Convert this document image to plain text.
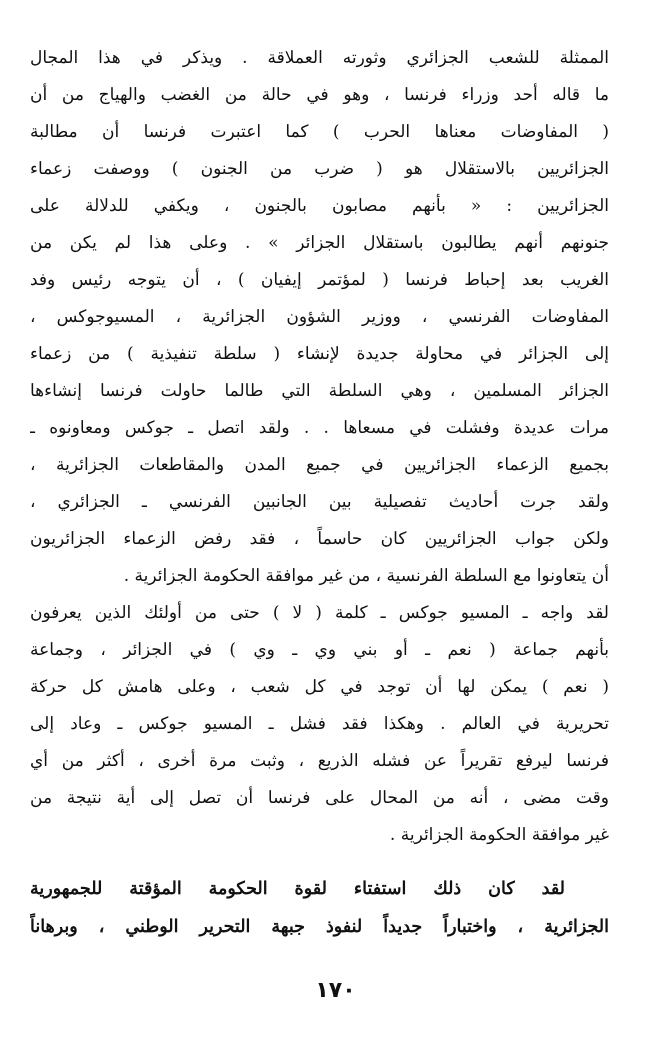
الممثلة للشعب الجزائري وثورته العملاقة . ويذكر في هذا المجال
ما قاله أحد وزراء فرنسا ، وهو في حالة من الغضب والهياج من أن
( المفاوضات معناها الحرب ) كما اعتبرت فرنسا أن مطالبة
الجزائريين بالاستقلال هو ( ضرب من الجنون ) ووصفت زعماء
الجزائريين : « بأنهم مصابون بالجنون ، ويكفي للدلالة على
جنونهم أنهم يطالبون باستقلال الجزائر » . وعلى هذا لم يكن من
الغريب بعد إحباط فرنسا ( لمؤتمر إيفيان ) ، أن يتوجه رئيس وفد
المفاوضات الفرنسي ، ووزير الشؤون الجزائرية ، المسيوجوكس ،
إلى الجزائر في محاولة جديدة لإنشاء ( سلطة تنفيذية ) من زعماء
الجزائر المسلمين ، وهي السلطة التي طالما حاولت فرنسا إنشاءها
مرات عديدة وفشلت في مسعاها . . ولقد اتصل ـ جوكس ومعاونوه ـ
بجميع الزعماء الجزائريين في جميع المدن والمقاطعات الجزائرية ،
ولقد جرت أحاديث تفصيلية بين الجانبين الفرنسي ـ الجزائري ،
ولكن جواب الجزائريين كان حاسماً ، فقد رفض الزعماء الجزائريون
أن يتعاونوا مع السلطة الفرنسية ، من غير موافقة الحكومة الجزائرية .
لقد واجه ـ المسيو جوكس ـ كلمة ( لا ) حتى من أولئك الذين يعرفون
بأنهم جماعة ( نعم ـ أو بني وي ـ وي ) في الجزائر ، وجماعة
( نعم ) يمكن لها أن توجد في كل شعب ، وعلى هامش كل حركة
تحريرية في العالم . وهكذا فقد فشل ـ المسيو جوكس ـ وعاد إلى
فرنسا ليرفع تقريراً عن فشله الذريع ، وثبت مرة أخرى ، أكثر من أي
وقت مضى ، أنه من المحال على فرنسا أن تصل إلى أية نتيجة من
غير موافقة الحكومة الجزائرية .
لقد كان ذلك استفتاء لقوة الحكومة المؤقتة للجمهورية
الجزائرية ، واختباراً جديداً لنفوذ جبهة التحرير الوطني ، وبرهاناً
١٧٠
